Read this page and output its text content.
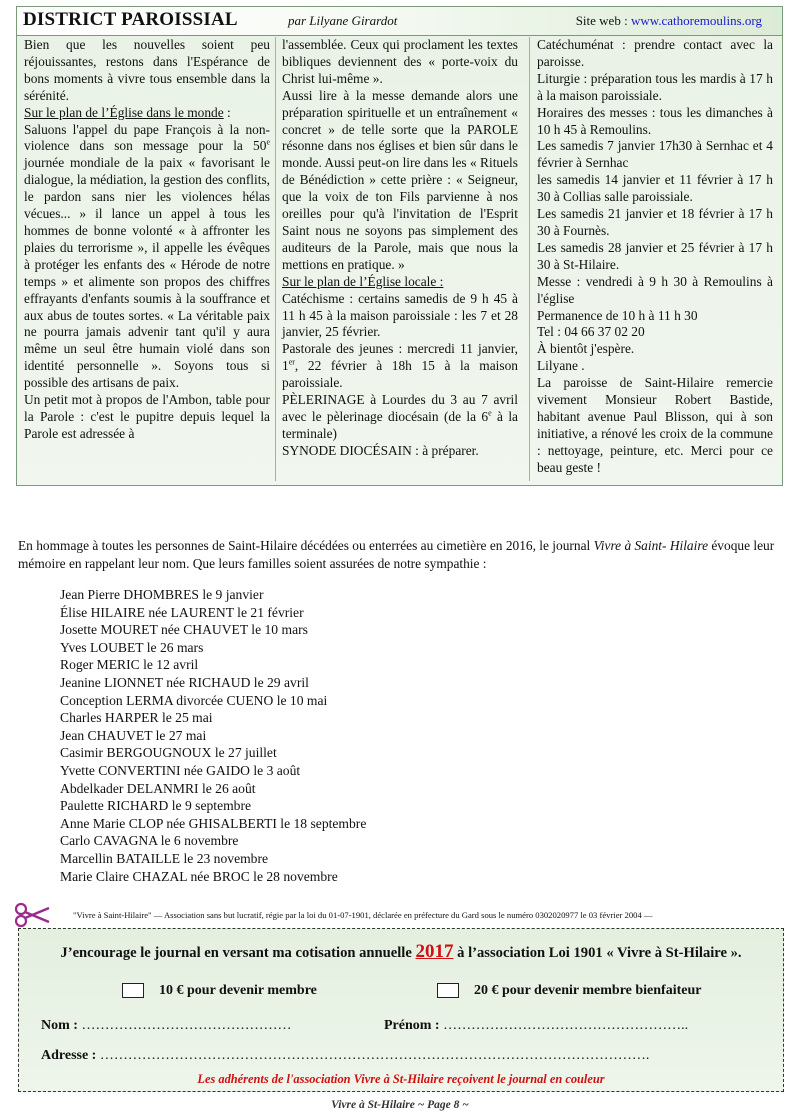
DISTRICT PAROISSIAL	par Lilyane Girardot	Site web : www.cathoremoulins.org

Bien que les nouvelles soient peu réjouissantes, restons dans l'Espérance de bons moments à vivre tous ensemble dans la sérénité.

Sur le plan de l’Église dans le monde :

Saluons l'appel du pape François à la non-violence dans son message pour la 50e journée mondiale de la paix « favorisant le dialogue, la médiation, la gestion des conflits, le pardon sans nier les violences hélas vécues... » il lance un appel à tous les hommes de bonne volonté « à affronter les plaies du terrorisme », il appelle les évêques à protéger les enfants des « Hérode de notre temps » et alimente son propos des chiffres effrayants d'enfants soumis à la souffrance et aux abus de toutes sortes. « La véritable paix ne pourra jamais advenir tant qu'il y aura même un seul être humain violé dans son identité personnelle ». Soyons tous si possible des artisans de paix.

Un petit mot à propos de l'Ambon, table pour la Parole : c'est le pupitre depuis lequel la Parole est adressée à

l'assemblée. Ceux qui proclament les textes bibliques deviennent des « porte-voix du Christ lui-même ».

Aussi lire à la messe demande alors une préparation spirituelle et un entraînement « concret » de telle sorte que la PAROLE résonne dans nos églises et bien sûr dans le monde. Aussi peut-on lire dans les « Rituels de Bénédiction » cette prière : « Seigneur, que la voix de ton Fils parvienne à nos oreilles pour qu'à l'invitation de l'Esprit Saint nous ne soyons pas simplement des auditeurs de la Parole, mais que nous la mettions en pratique. »

Sur le plan de l’Église locale :

Catéchisme : certains samedis de 9 h 45 à 11 h 45 à la maison paroissiale : les 7 et 28 janvier, 25 février.

Pastorale des jeunes : mercredi 11 janvier, 1er, 22 février à 18h 15 à la maison paroissiale.

PÈLERINAGE à Lourdes du 3 au 7 avril avec le pèlerinage diocésain (de la 6e à la terminale)

SYNODE DIOCÉSAIN : à préparer.

Catéchuménat : prendre contact avec la paroisse.

Liturgie : préparation tous les mardis à 17 h à la maison paroissiale.

Horaires des messes : tous les dimanches à 10 h 45 à Remoulins.

Les samedis 7 janvier 17h30 à Sernhac et 4 février à Sernhac

les samedis 14 janvier et 11 février à 17 h 30 à Collias salle paroissiale.

Les samedis 21 janvier et 18 février à 17 h 30 à Fournès.

Les samedis 28 janvier et 25 février à 17 h 30 à St-Hilaire.

Messe : vendredi à 9 h 30 à Remoulins à l'église

Permanence de 10 h à 11 h 30

Tel : 04 66 37 02 20

À bientôt j'espère.

Lilyane .

La paroisse de Saint-Hilaire remercie vivement Monsieur Robert Bastide, habitant avenue Paul Blisson, qui à son initiative, a rénové les croix de la commune : nettoyage, peinture, etc. Merci pour ce beau geste !

En hommage à toutes les personnes de Saint-Hilaire décédées ou enterrées au cimetière en 2016, le journal Vivre à Saint- Hilaire évoque leur mémoire en rappelant leur nom. Que leurs familles soient assurées de notre sympathie :
Jean Pierre DHOMBRES le 9 janvier
Élise HILAIRE née LAURENT le 21 février
Josette MOURET née CHAUVET le 10 mars
Yves LOUBET le 26 mars
Roger MERIC le 12 avril
Jeanine LIONNET née RICHAUD le 29 avril
Conception LERMA divorcée CUENO le 10 mai
Charles HARPER le 25 mai
Jean CHAUVET le 27 mai
Casimir BERGOUGNOUX le 27 juillet
Yvette CONVERTINI née GAIDO le 3 août
Abdelkader DELANMRI le 26 août
Paulette RICHARD le 9 septembre
Anne Marie CLOP née GHISALBERTI le 18 septembre
Carlo CAVAGNA le 6 novembre
Marcellin BATAILLE le 23 novembre
Marie Claire CHAZAL née BROC le 28 novembre
"Vivre à Saint-Hilaire" — Association sans but lucratif, régie par la loi du 01-07-1901, déclarée en préfecture du Gard sous le numéro 0302020977 le 03 février 2004 —
J’encourage le journal en versant ma cotisation annuelle 2017 à l’association Loi 1901 « Vivre à St-Hilaire ».
10 € pour devenir membre	20 € pour devenir membre bienfaiteur
Nom : ………………………………………	Prénom : ……………………………………………..
Adresse : ……………………………………………………………………………………………………….
Les adhérents de l'association Vivre à St-Hilaire reçoivent le journal en couleur
Vivre à St-Hilaire ~ Page 8 ~
